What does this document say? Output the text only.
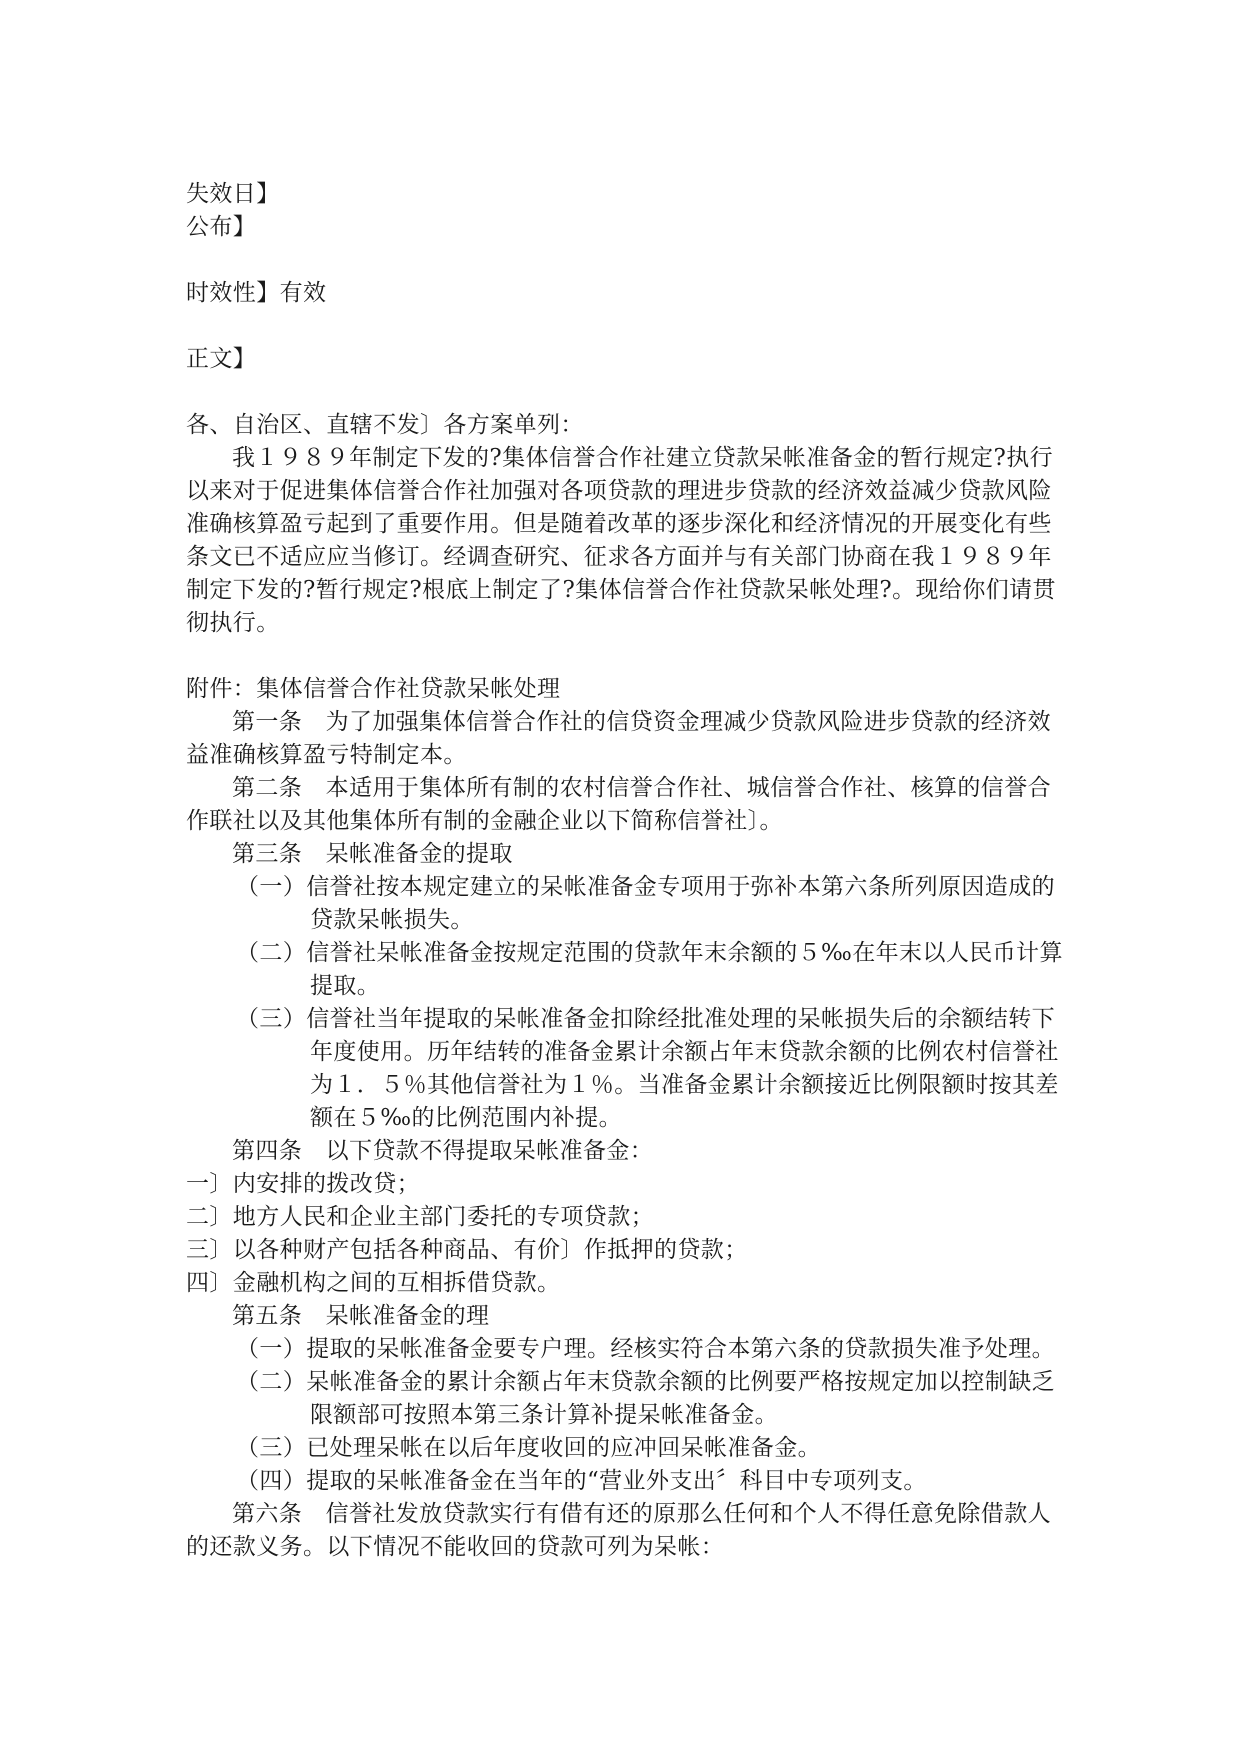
失效日】
公布】
时效性】有效
正文】
各、自治区、直辖不发〕各方案单列：
我１９８９年制定下发的?集体信誉合作社建立贷款呆帐准备金的暂行规定?执行以来对于促进集体信誉合作社加强对各项贷款的理进步贷款的经济效益减少贷款风险准确核算盈亏起到了重要作用。但是随着改革的逐步深化和经济情况的开展变化有些条文已不适应应当修订。经调查研究、征求各方面并与有关部门协商在我１９８９年制定下发的?暂行规定?根底上制定了?集体信誉合作社贷款呆帐处理?。现给你们请贯彻执行。
附件：集体信誉合作社贷款呆帐处理
第一条　为了加强集体信誉合作社的信贷资金理减少贷款风险进步贷款的经济效益准确核算盈亏特制定本。
第二条　本适用于集体所有制的农村信誉合作社、城信誉合作社、核算的信誉合作联社以及其他集体所有制的金融企业以下简称信誉社〕。
第三条　呆帐准备金的提取
（一）信誉社按本规定建立的呆帐准备金专项用于弥补本第六条所列原因造成的贷款呆帐损失。
（二）信誉社呆帐准备金按规定范围的贷款年末余额的５‰在年末以人民币计算提取。
（三）信誉社当年提取的呆帐准备金扣除经批准处理的呆帐损失后的余额结转下年度使用。历年结转的准备金累计余额占年末贷款余额的比例农村信誉社为１．５％其他信誉社为１％。当准备金累计余额接近比例限额时按其差额在５‰的比例范围内补提。
第四条　以下贷款不得提取呆帐准备金：
一〕内安排的拨改贷；
二〕地方人民和企业主部门委托的专项贷款；
三〕以各种财产包括各种商品、有价〕作抵押的贷款；
四〕金融机构之间的互相拆借贷款。
第五条　呆帐准备金的理
（一）提取的呆帐准备金要专户理。经核实符合本第六条的贷款损失准予处理。
（二）呆帐准备金的累计余额占年末贷款余额的比例要严格按规定加以控制缺乏限额部可按照本第三条计算补提呆帐准备金。
（三）已处理呆帐在以后年度收回的应冲回呆帐准备金。
（四）提取的呆帐准备金在当年的“营业外支出〞科目中专项列支。
第六条　信誉社发放贷款实行有借有还的原那么任何和个人不得任意免除借款人的还款义务。以下情况不能收回的贷款可列为呆帐：
